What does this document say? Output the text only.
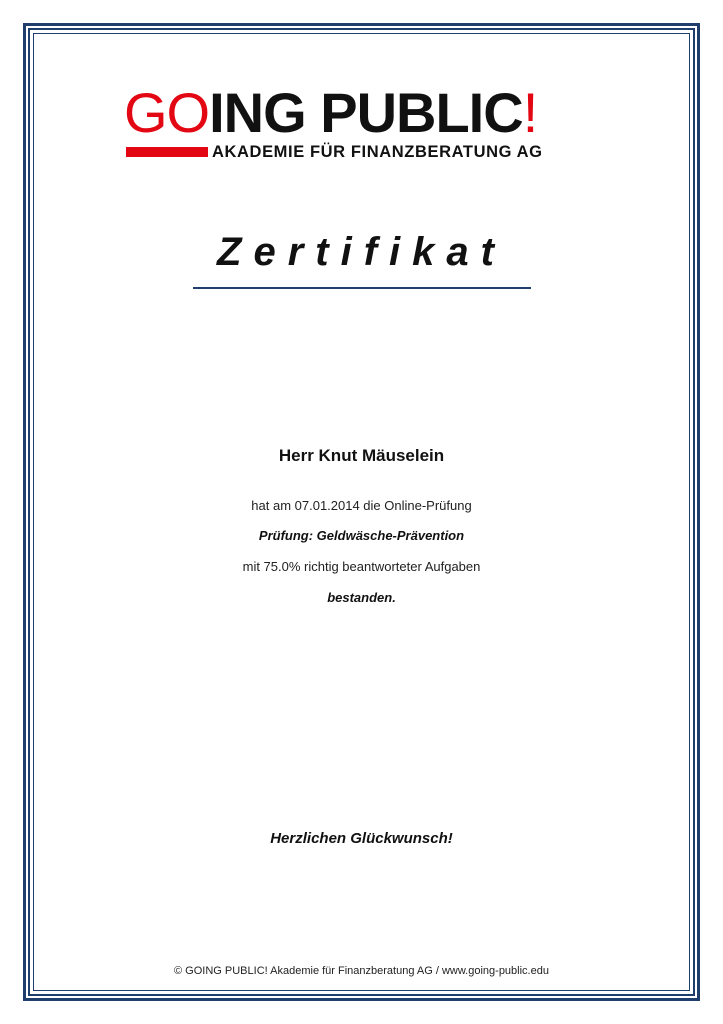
GOING PUBLIC!
AKADEMIE FÜR FINANZBERATUNG AG
Zertifikat
Herr Knut Mäuselein
hat am 07.01.2014 die Online-Prüfung
Prüfung: Geldwäsche-Prävention
mit 75.0% richtig beantworteter Aufgaben
bestanden.
Herzlichen Glückwunsch!
© GOING PUBLIC! Akademie für Finanzberatung AG / www.going-public.edu
